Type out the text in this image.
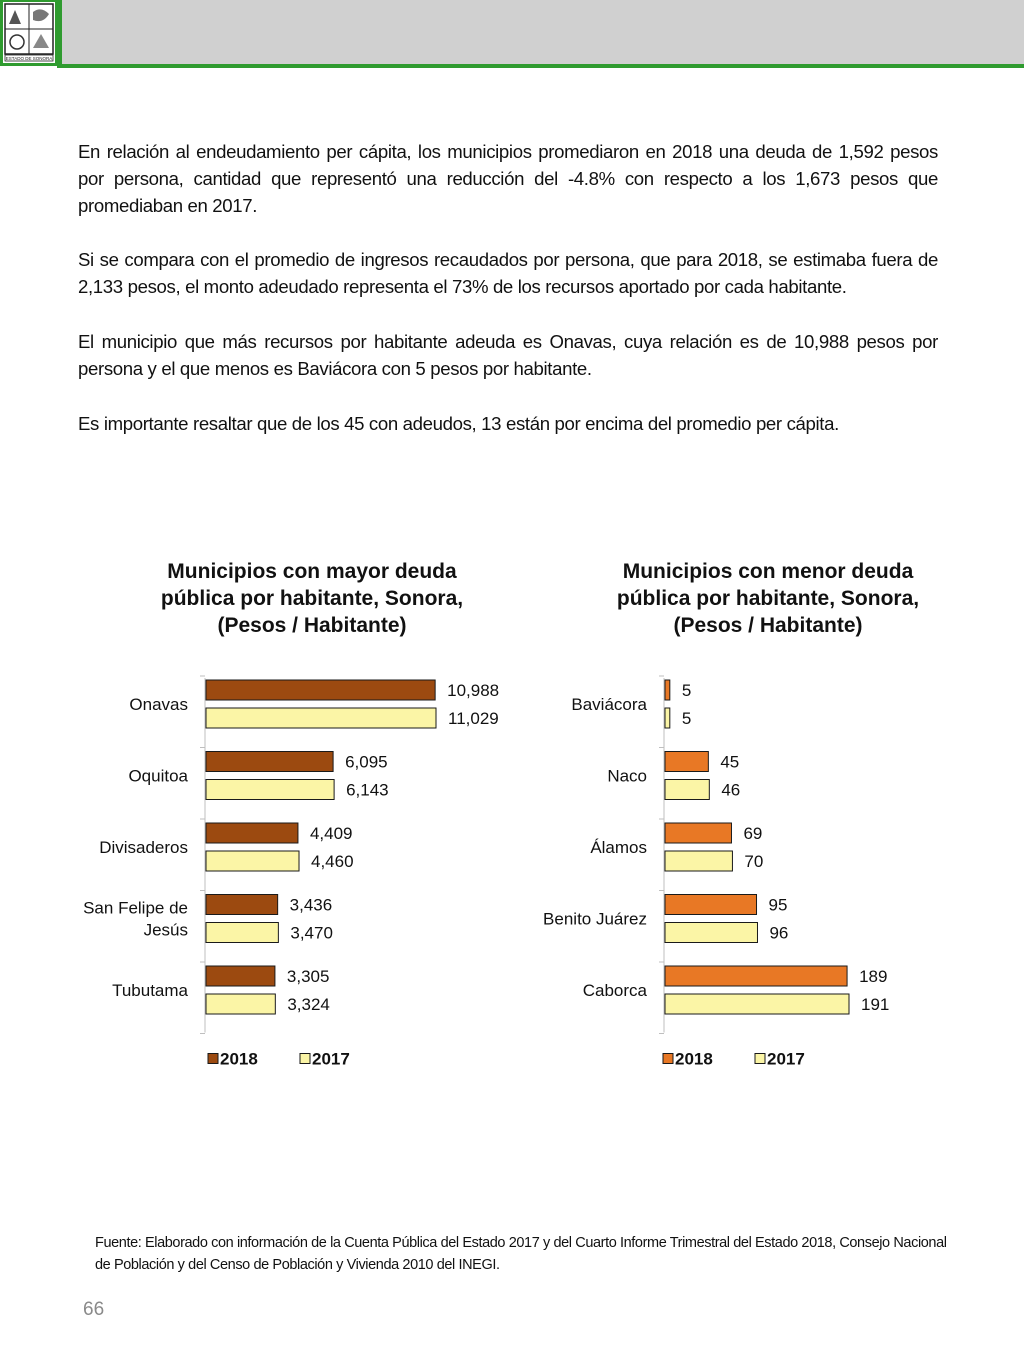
ESTADO DE SONORA

En relación al endeudamiento per cápita, los municipios promediaron en 2018 una deuda de 1,592 pesos por persona, cantidad que representó una reducción del -4.8% con respecto a los 1,673 pesos que promediaban en 2017.

Si se compara con el promedio de ingresos recaudados por persona, que para 2018, se estimaba fuera de 2,133 pesos, el monto adeudado representa el 73% de los recursos aportado por cada habitante.

El municipio que más recursos por habitante adeuda es Onavas, cuya relación es de 10,988 pesos por persona y el que menos es Baviácora con 5 pesos por habitante.

Es importante resaltar que de los 45 con adeudos, 13 están por encima del promedio per cápita.

Municipios con mayor deuda
pública por habitante, Sonora,
(Pesos / Habitante)
Municipios con menor deuda
pública por habitante, Sonora,
(Pesos / Habitante)
Onavas
10,988
11,029
Oquitoa
6,095
6,143
Divisaderos
4,409
4,460
San Felipe de Jesús
3,436
3,470
Tubutama
3,305
3,324
2018	2017
Baviácora
5
5
Naco
45
46
Álamos
69
70
Benito Juárez
95
96
Caborca
189
191
2018	2017

Fuente: Elaborado con información de la Cuenta Pública del Estado 2017 y del Cuarto Informe Trimestral del Estado 2018, Consejo Nacional de Población y del Censo de Población y Vivienda 2010 del INEGI.

66
